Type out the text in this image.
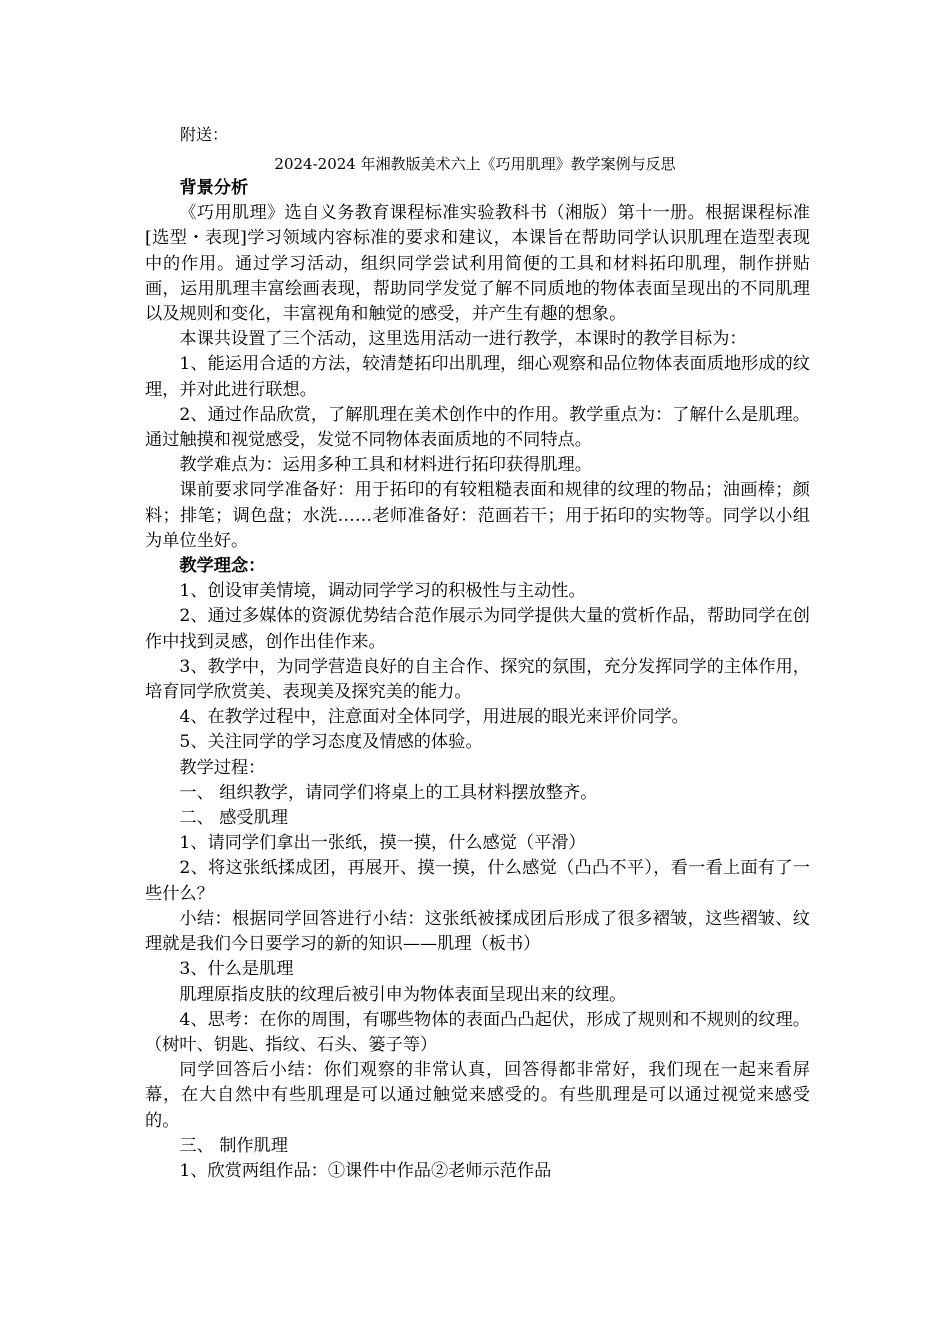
附送：
2024-2024 年湘教版美术六上《巧用肌理》教学案例与反思

背景分析

《巧用肌理》选自义务教育课程标准实验教科书（湘版）第十一册。根据课程标准[选型・表现]学习领域内容标准的要求和建议，本课旨在帮助同学认识肌理在造型表现中的作用。通过学习活动，组织同学尝试利用简便的工具和材料拓印肌理，制作拼贴画，运用肌理丰富绘画表现，帮助同学发觉了解不同质地的物体表面呈现出的不同肌理以及规则和变化，丰富视角和触觉的感受，并产生有趣的想象。

本课共设置了三个活动，这里选用活动一进行教学，本课时的教学目标为：

1、能运用合适的方法，较清楚拓印出肌理，细心观察和品位物体表面质地形成的纹理，并对此进行联想。

2、通过作品欣赏，了解肌理在美术创作中的作用。教学重点为：了解什么是肌理。通过触摸和视觉感受，发觉不同物体表面质地的不同特点。

教学难点为：运用多种工具和材料进行拓印获得肌理。

课前要求同学准备好：用于拓印的有较粗糙表面和规律的纹理的物品；油画棒；颜料；排笔；调色盘；水洗……老师准备好：范画若干；用于拓印的实物等。同学以小组为单位坐好。

教学理念：

1、创设审美情境，调动同学学习的积极性与主动性。

2、通过多媒体的资源优势结合范作展示为同学提供大量的赏析作品，帮助同学在创作中找到灵感，创作出佳作来。

3、教学中，为同学营造良好的自主合作、探究的氛围，充分发挥同学的主体作用，培育同学欣赏美、表现美及探究美的能力。

4、在教学过程中，注意面对全体同学，用进展的眼光来评价同学。

5、关注同学的学习态度及情感的体验。

教学过程：

一、 组织教学，请同学们将桌上的工具材料摆放整齐。

二、 感受肌理

1、请同学们拿出一张纸，摸一摸，什么感觉（平滑）

2、将这张纸揉成团，再展开、摸一摸，什么感觉（凸凸不平），看一看上面有了一些什么？

小结：根据同学回答进行小结：这张纸被揉成团后形成了很多褶皱，这些褶皱、纹理就是我们今日要学习的新的知识——肌理（板书）

3、什么是肌理

肌理原指皮肤的纹理后被引申为物体表面呈现出来的纹理。

4、思考：在你的周围，有哪些物体的表面凸凸起伏，形成了规则和不规则的纹理。（树叶、钥匙、指纹、石头、篓子等）

同学回答后小结：你们观察的非常认真，回答得都非常好，我们现在一起来看屏幕，在大自然中有些肌理是可以通过触觉来感受的。有些肌理是可以通过视觉来感受的。

三、 制作肌理

1、欣赏两组作品：①课件中作品②老师示范作品
